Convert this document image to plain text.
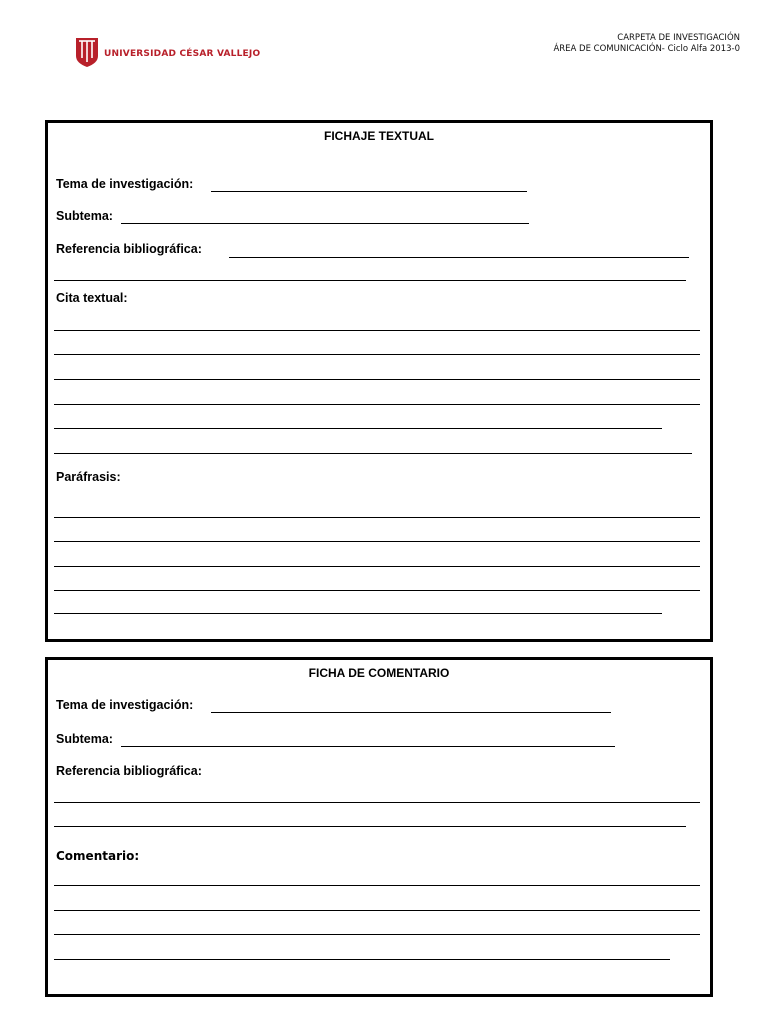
UNIVERSIDAD CÉSAR VALLEJO
CARPETA DE INVESTIGACIÓN
ÁREA DE COMUNICACIÓN- Ciclo Alfa 2013-0
FICHAJE TEXTUAL
Tema de investigación:
Subtema:
Referencia bibliográfica:
Cita textual:
Paráfrasis:
FICHA DE COMENTARIO
Tema de investigación:
Subtema:
Referencia bibliográfica:
Comentario:
